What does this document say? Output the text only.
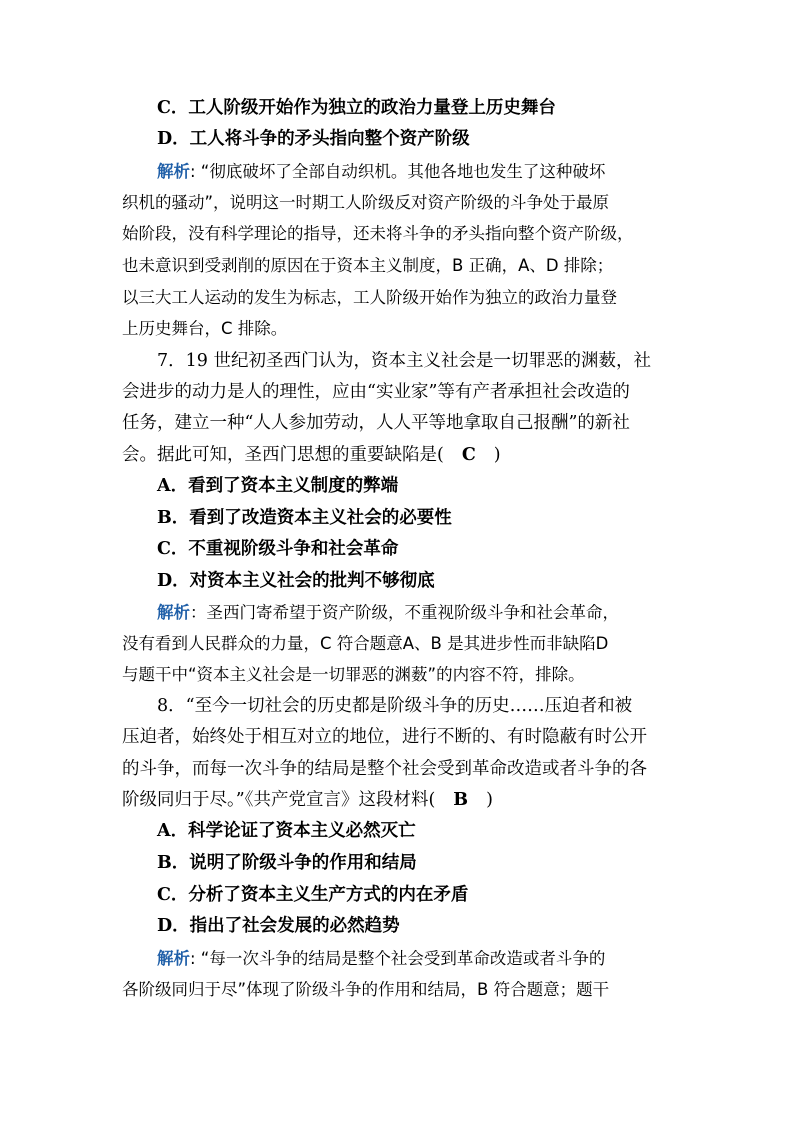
C．工人阶级开始作为独立的政治力量登上历史舞台
D．工人将斗争的矛头指向整个资产阶级
解析: “彻底破坏了全部自动织机。其他各地也发生了这种破坏
织机的骚动”，说明这一时期工人阶级反对资产阶级的斗争处于最原
始阶段，没有科学理论的指导，还未将斗争的矛头指向整个资产阶级，
也未意识到受剥削的原因在于资本主义制度，B 正确，A、D 排除；
以三大工人运动的发生为标志，工人阶级开始作为独立的政治力量登
上历史舞台，C 排除。
7．19 世纪初圣西门认为，资本主义社会是一切罪恶的渊薮，社
会进步的动力是人的理性，应由“实业家”等有产者承担社会改造的
任务，建立一种“人人参加劳动，人人平等地拿取自己报酬”的新社
会。据此可知，圣西门思想的重要缺陷是( C )
A．看到了资本主义制度的弊端
B．看到了改造资本主义社会的必要性
C．不重视阶级斗争和社会革命
D．对资本主义社会的批判不够彻底
解析：圣西门寄希望于资产阶级，不重视阶级斗争和社会革命，
没有看到人民群众的力量，C 符合题意A、B 是其进步性而非缺陷D
与题干中“资本主义社会是一切罪恶的渊薮”的内容不符，排除。
8．“至今一切社会的历史都是阶级斗争的历史……压迫者和被
压迫者，始终处于相互对立的地位，进行不断的、有时隐蔽有时公开
的斗争，而每一次斗争的结局是整个社会受到革命改造或者斗争的各
阶级同归于尽。”《共产党宣言》这段材料( B )
A．科学论证了资本主义必然灭亡
B．说明了阶级斗争的作用和结局
C．分析了资本主义生产方式的内在矛盾
D．指出了社会发展的必然趋势
解析: “每一次斗争的结局是整个社会受到革命改造或者斗争的
各阶级同归于尽”体现了阶级斗争的作用和结局，B 符合题意；题干
